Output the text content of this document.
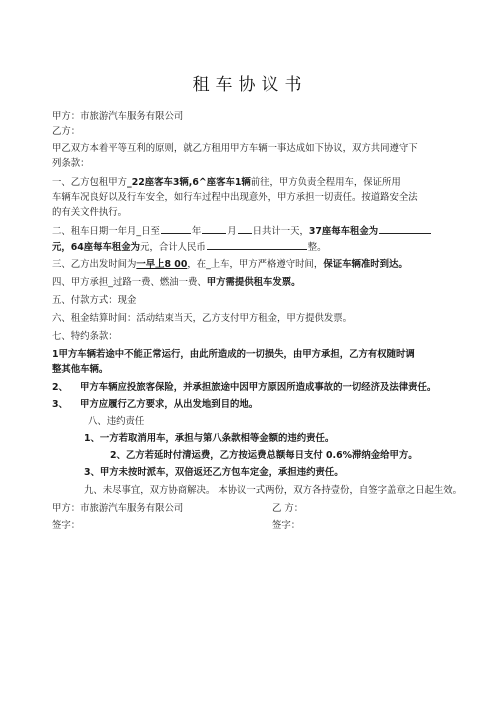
租车协议书
甲方：市旅游汽车服务有限公司
乙方：
甲乙双方本着平等互利的原则，就乙方租用甲方车辆一事达成如下协议，双方共同遵守下
列条款：
一、乙方包租甲方_22座客车3辆,6^座客车1辆前往，甲方负责全程用车，保证所用
车辆车况良好以及行车安全，如行车过程中出现意外，甲方承担一切责任。按道路安全法
的有关文件执行。
二、租车日期一年月_日至	年	月 日共计一天，37座每车租金为
元，64座每车租金为元，合计人民币	整。
三、乙方出发时间为一早上8 00，在_上车，甲方严格遵守时间，保证车辆准时到达。
四、甲方承担_过路一费、燃油一费、甲方需提供租车发票。
五、付款方式：现金
六、租金结算时间：活动结束当天，乙方支付甲方租金，甲方提供发票。
七、特约条款：
1甲方车辆若途中不能正常运行，由此所造成的一切损失，由甲方承担，乙方有权随时调
整其他车辆。
2、 甲方车辆应投旅客保险，并承担旅途中因甲方原因所造成事故的一切经济及法律责任。
3、 甲方应履行乙方要求，从出发地到目的地。
八、违约责任
1、一方若取消用车，承担与第八条款相等金额的违约责任。
2、乙方若延时付清运费，乙方按运费总额每日支付 0.6%滞纳金给甲方。
3、甲方未按时派车，双倍返还乙方包车定金，承担违约责任。
九、未尽事宜，双方协商解决。 本协议一式两份，双方各持壹份，自签字盖章之日起生效。
甲方：市旅游汽车服务有限公司	乙 方：
签字：	签字：
